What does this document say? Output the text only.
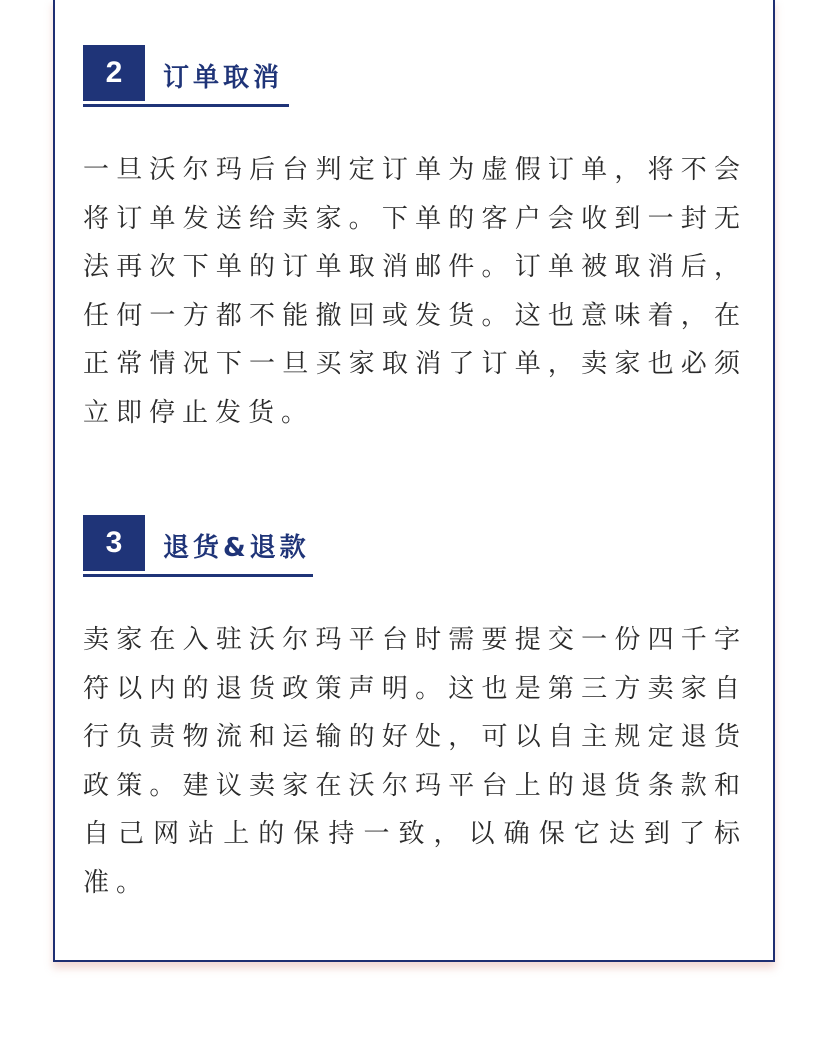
2	订单取消

一旦沃尔玛后台判定订单为虚假订单，将不会将订单发送给卖家。下单的客户会收到一封无法再次下单的订单取消邮件。订单被取消后，任何一方都不能撤回或发货。这也意味着，在正常情况下一旦买家取消了订单，卖家也必须立即停止发货。

3	退货&退款

卖家在入驻沃尔玛平台时需要提交一份四千字符以内的退货政策声明。这也是第三方卖家自行负责物流和运输的好处，可以自主规定退货政策。建议卖家在沃尔玛平台上的退货条款和自己网站上的保持一致，以确保它达到了标准。
